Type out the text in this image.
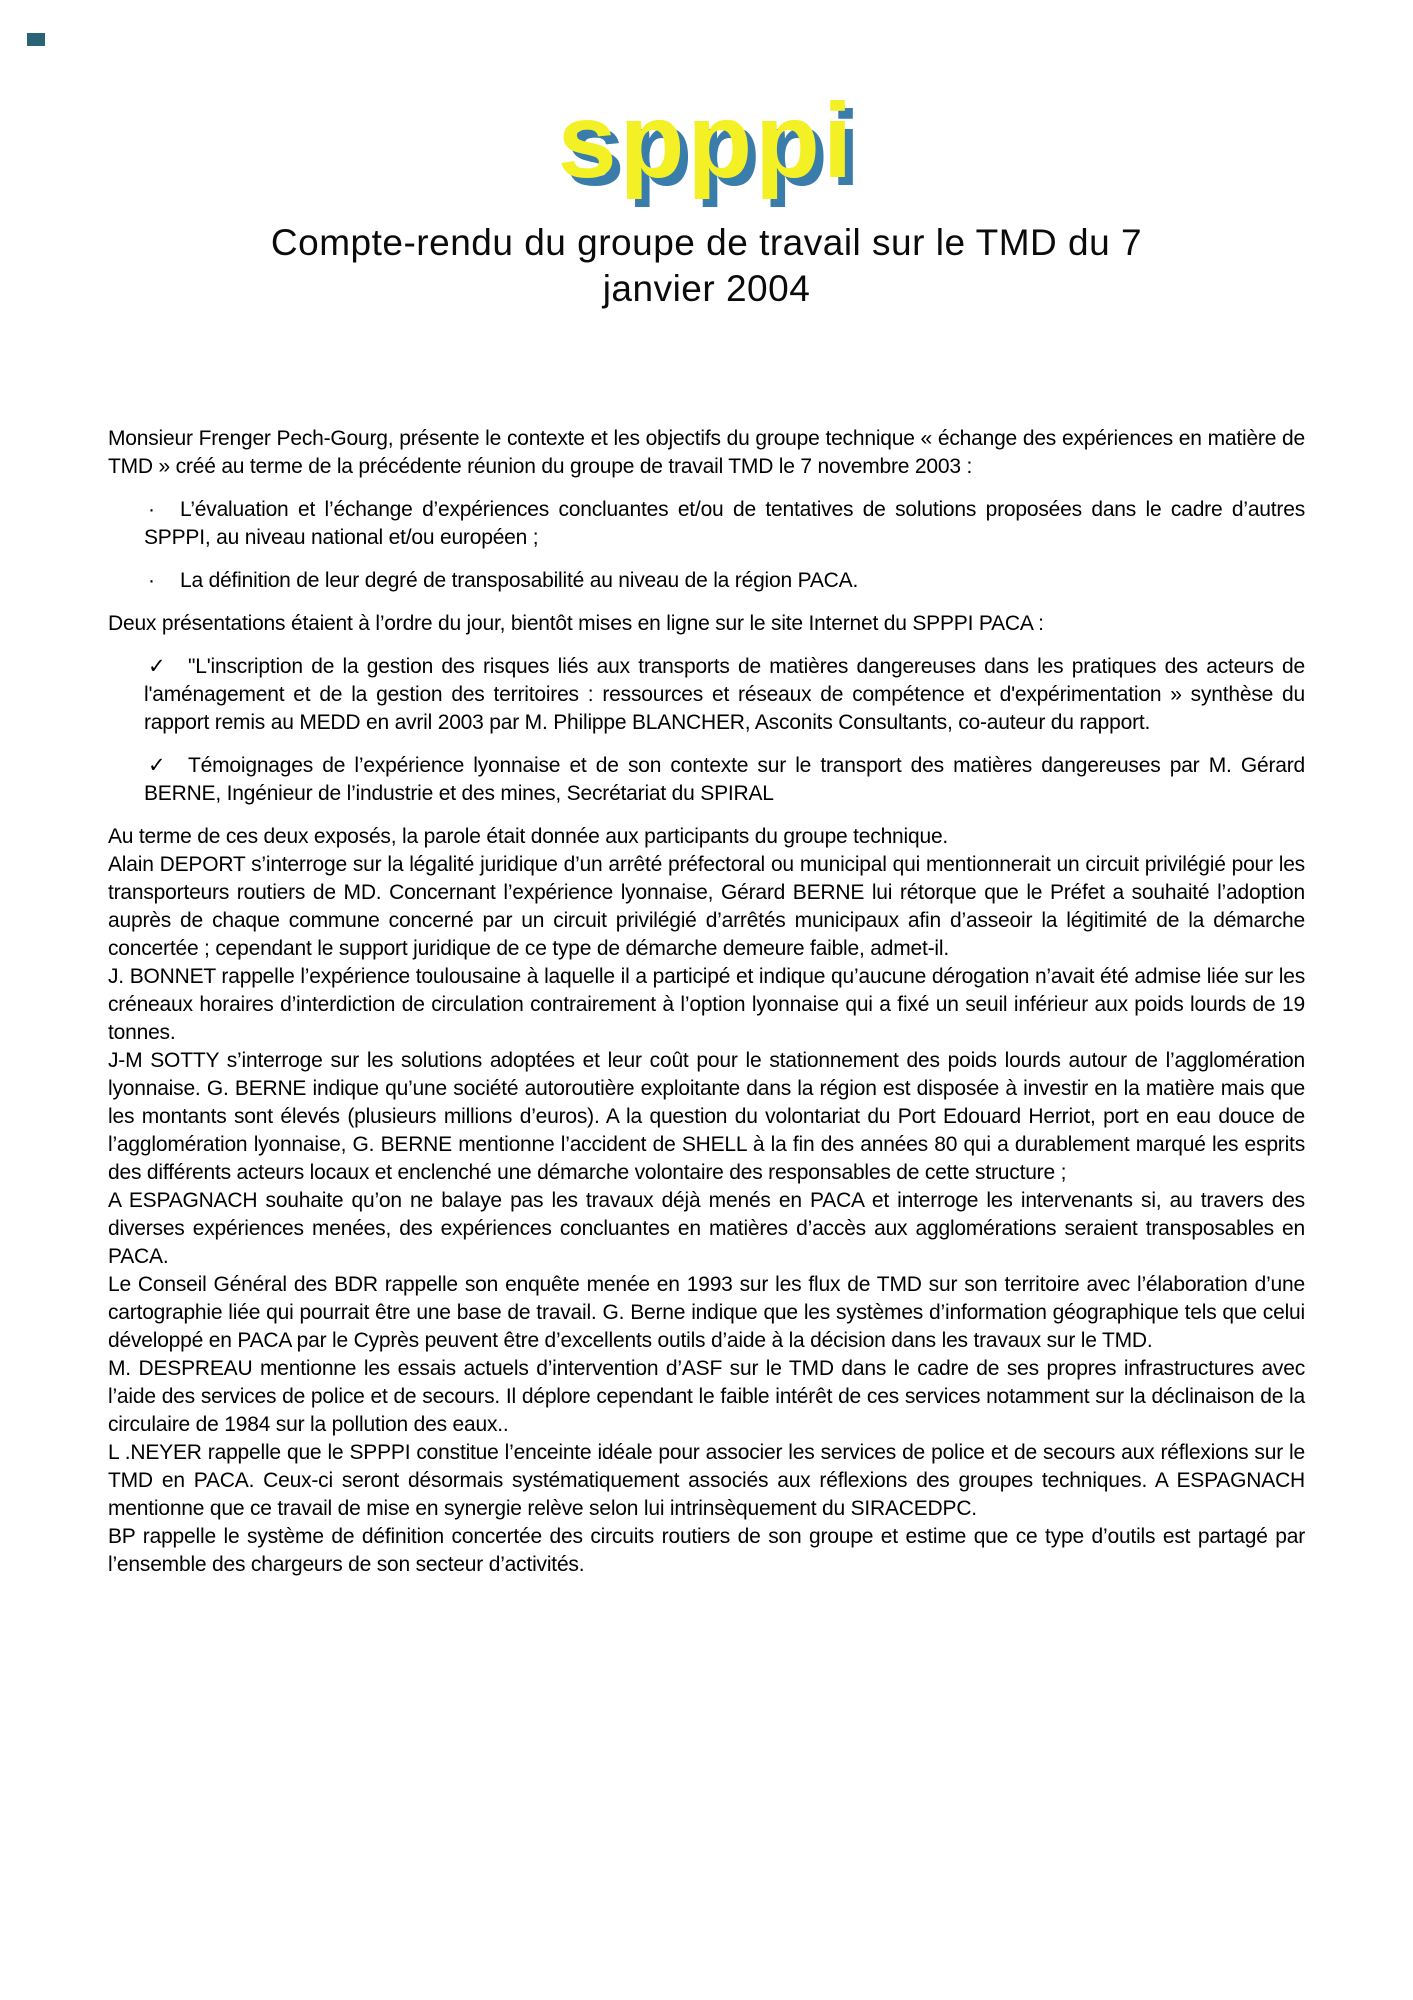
spppi
Compte-rendu du groupe de travail sur le TMD du 7
janvier 2004

Monsieur Frenger Pech-Gourg, présente le contexte et les objectifs du groupe technique « échange des expériences en matière de TMD » créé au terme de la précédente réunion du groupe de travail TMD le 7 novembre 2003 :

· L’évaluation et l’échange d’expériences concluantes et/ou de tentatives de solutions proposées dans le cadre d’autres SPPPI, au niveau national et/ou européen ;

· La définition de leur degré de transposabilité au niveau de la région PACA.

Deux présentations étaient à l’ordre du jour, bientôt mises en ligne sur le site Internet du SPPPI PACA :

✓ "L'inscription de la gestion des risques liés aux transports de matières dangereuses dans les pratiques des acteurs de l'aménagement et de la gestion des territoires : ressources et réseaux de compétence et d'expérimentation » synthèse du rapport remis au MEDD en avril 2003 par M. Philippe BLANCHER, Asconits Consultants, co-auteur du rapport.

✓ Témoignages de l’expérience lyonnaise et de son contexte sur le transport des matières dangereuses par M. Gérard BERNE, Ingénieur de l’industrie et des mines, Secrétariat du SPIRAL

Au terme de ces deux exposés, la parole était donnée aux participants du groupe technique.

Alain DEPORT s’interroge sur la légalité juridique d’un arrêté préfectoral ou municipal qui mentionnerait un circuit privilégié pour les transporteurs routiers de MD. Concernant l’expérience lyonnaise, Gérard BERNE lui rétorque que le Préfet a souhaité l’adoption auprès de chaque commune concerné par un circuit privilégié d’arrêtés municipaux afin d’asseoir la légitimité de la démarche concertée ; cependant le support juridique de ce type de démarche demeure faible, admet-il.

J. BONNET rappelle l’expérience toulousaine à laquelle il a participé et indique qu’aucune dérogation n’avait été admise liée sur les créneaux horaires d’interdiction de circulation contrairement à l’option lyonnaise qui a fixé un seuil inférieur aux poids lourds de 19 tonnes.

J-M SOTTY s’interroge sur les solutions adoptées et leur coût pour le stationnement des poids lourds autour de l’agglomération lyonnaise. G. BERNE indique qu’une société autoroutière exploitante dans la région est disposée à investir en la matière mais que les montants sont élevés (plusieurs millions d’euros). A la question du volontariat du Port Edouard Herriot, port en eau douce de l’agglomération lyonnaise, G. BERNE mentionne l’accident de SHELL à la fin des années 80 qui a durablement marqué les esprits des différents acteurs locaux et enclenché une démarche volontaire des responsables de cette structure ;

A ESPAGNACH souhaite qu’on ne balaye pas les travaux déjà menés en PACA et interroge les intervenants si, au travers des diverses expériences menées, des expériences concluantes en matières d’accès aux agglomérations seraient transposables en PACA.

Le Conseil Général des BDR rappelle son enquête menée en 1993 sur les flux de TMD sur son territoire avec l’élaboration d’une cartographie liée qui pourrait être une base de travail. G. Berne indique que les systèmes d’information géographique tels que celui développé en PACA par le Cyprès peuvent être d’excellents outils d’aide à la décision dans les travaux sur le TMD.

M. DESPREAU mentionne les essais actuels d’intervention d’ASF sur le TMD dans le cadre de ses propres infrastructures avec l’aide des services de police et de secours. Il déplore cependant le faible intérêt de ces services notamment sur la déclinaison de la circulaire de 1984 sur la pollution des eaux..

L .NEYER rappelle que le SPPPI constitue l’enceinte idéale pour associer les services de police et de secours aux réflexions sur le TMD en PACA. Ceux-ci seront désormais systématiquement associés aux réflexions des groupes techniques. A ESPAGNACH mentionne que ce travail de mise en synergie relève selon lui intrinsèquement du SIRACEDPC.

BP rappelle le système de définition concertée des circuits routiers de son groupe et estime que ce type d’outils est partagé par l’ensemble des chargeurs de son secteur d’activités.
